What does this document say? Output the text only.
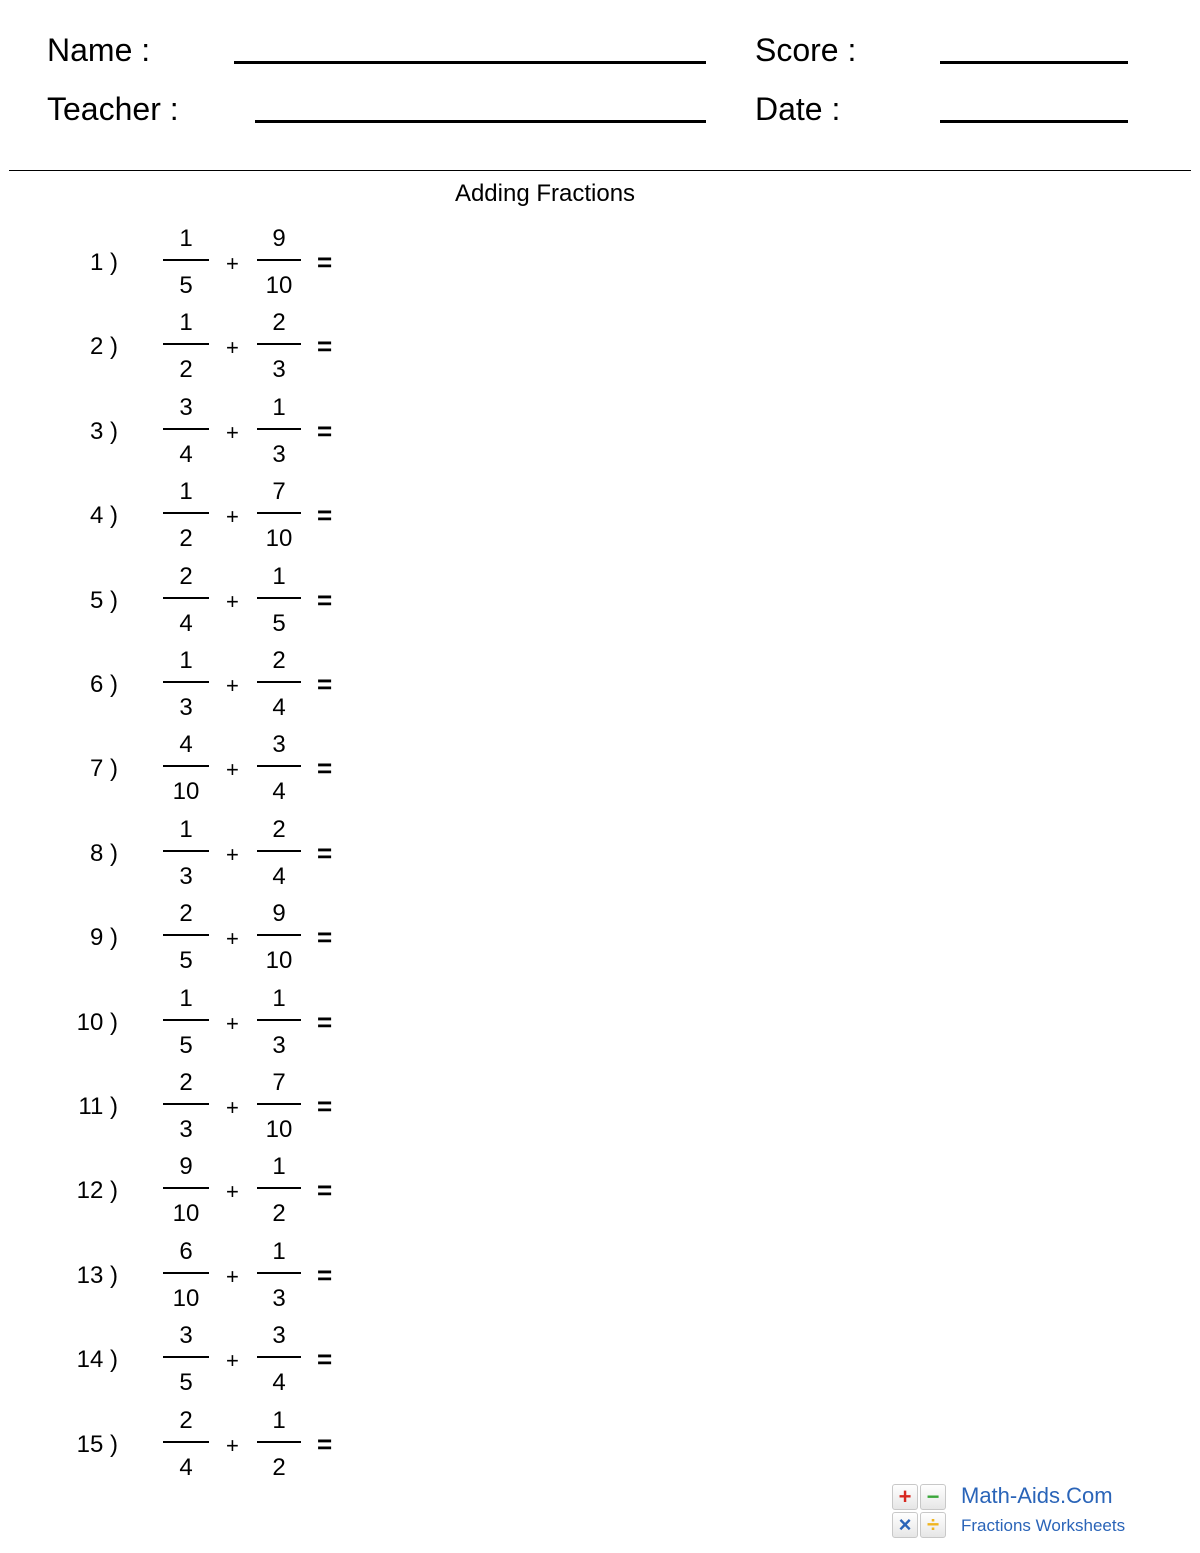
Name :	Score :
Teacher :	Date :
Adding Fractions
1 )
1
5
+
9
10
=
2 )
1
2
+
2
3
=
3 )
3
4
+
1
3
=
4 )
1
2
+
7
10
=
5 )
2
4
+
1
5
=
6 )
1
3
+
2
4
=
7 )
4
10
+
3
4
=
8 )
1
3
+
2
4
=
9 )
2
5
+
9
10
=
10 )
1
5
+
1
3
=
11 )
2
3
+
7
10
=
12 )
9
10
+
1
2
=
13 )
6
10
+
1
3
=
14 )
3
5
+
3
4
=
15 )
2
4
+
1
2
=
+ −
× ÷
Math-Aids.Com
Fractions Worksheets
